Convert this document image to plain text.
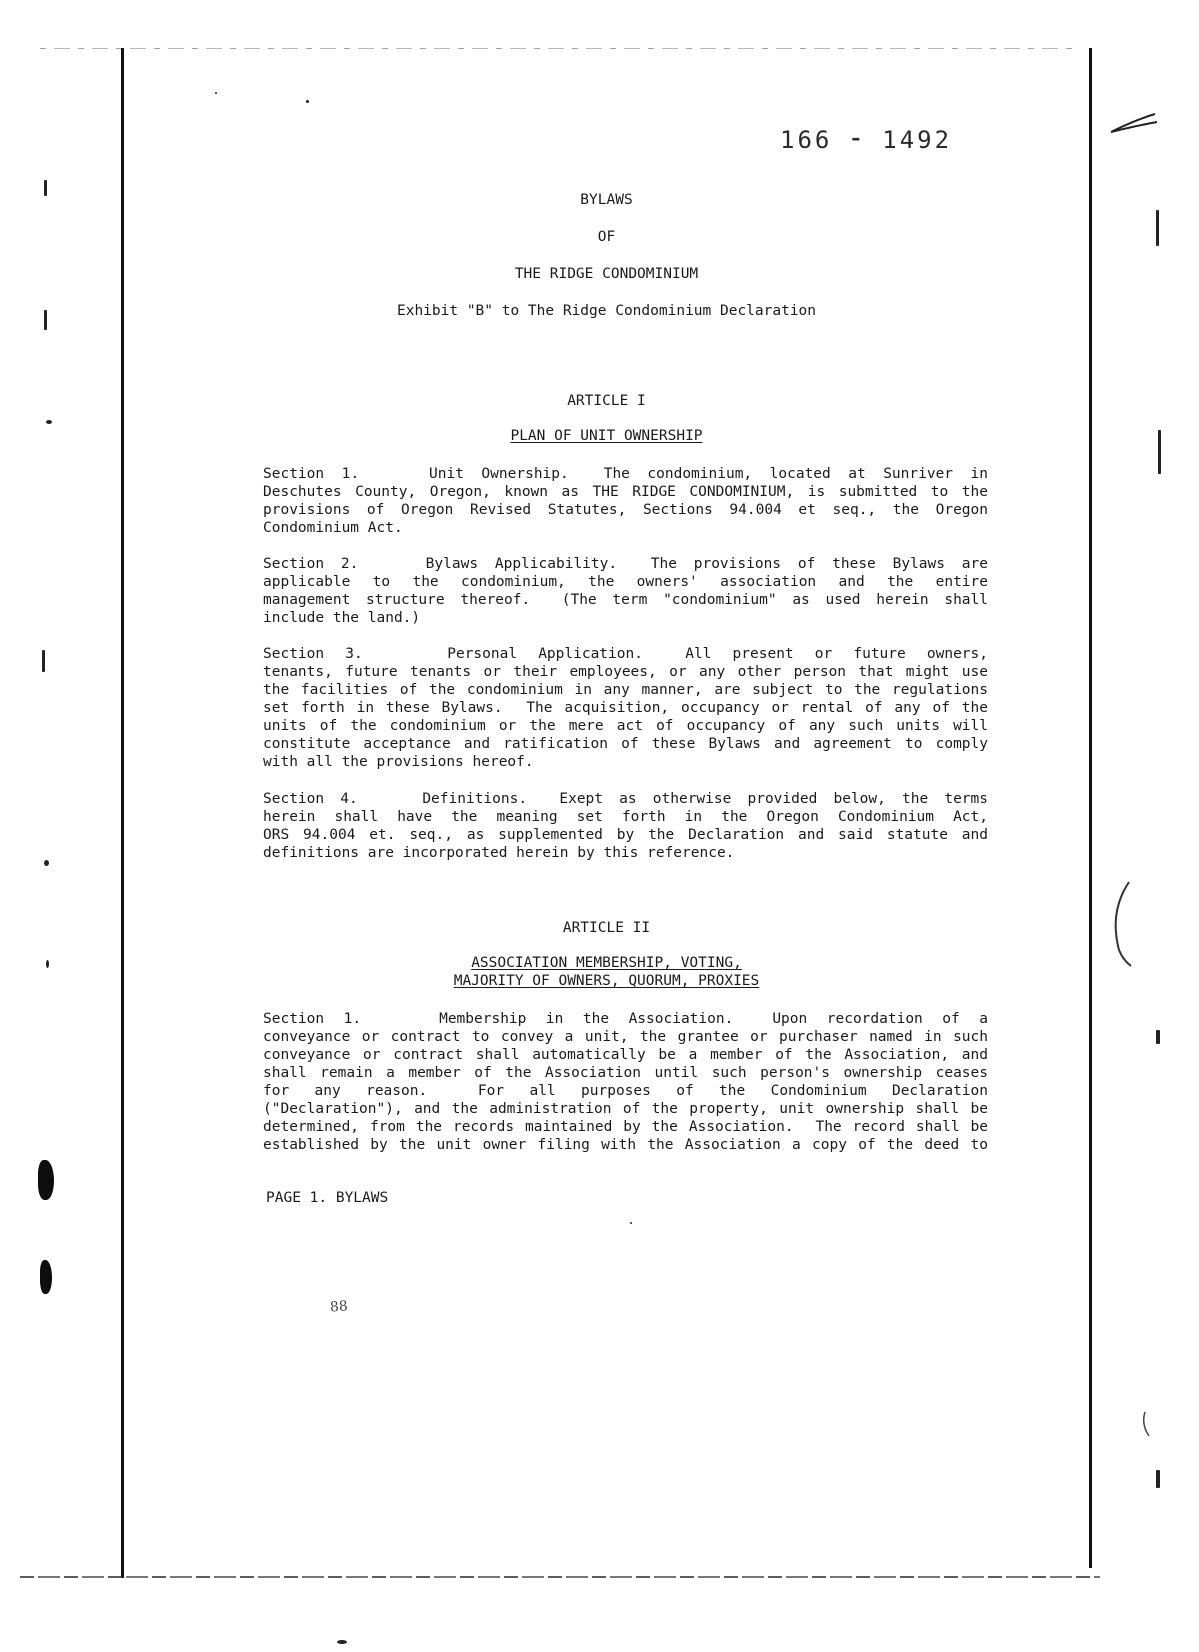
166 ⁃ 1492
BYLAWS
OF
THE RIDGE CONDOMINIUM
Exhibit "B" to The Ridge Condominium Declaration
ARTICLE I
PLAN OF UNIT OWNERSHIP
Section 1.    Unit Ownership.  The condominium, located at Sunriver in
Deschutes County, Oregon, known as THE RIDGE CONDOMINIUM, is submitted to the
provisions of Oregon Revised Statutes, Sections 94.004 et seq., the Oregon
Condominium Act.
Section 2.    Bylaws Applicability.  The provisions of these Bylaws are
applicable to the condominium, the owners' association and the entire
management structure thereof.  (The term "condominium" as used herein shall
include the land.)
Section 3.    Personal Application.  All present or future owners,
tenants, future tenants or their employees, or any other person that might use
the facilities of the condominium in any manner, are subject to the regulations
set forth in these Bylaws.  The acquisition, occupancy or rental of any of the
units of the condominium or the mere act of occupancy of any such units will
constitute acceptance and ratification of these Bylaws and agreement to comply
with all the provisions hereof.
Section 4.    Definitions.  Exept as otherwise provided below, the terms
herein shall have the meaning set forth in the Oregon Condominium Act,
ORS 94.004 et. seq., as supplemented by the Declaration and said statute and
definitions are incorporated herein by this reference.
ARTICLE II
ASSOCIATION MEMBERSHIP, VOTING,
MAJORITY OF OWNERS, QUORUM, PROXIES
Section 1.    Membership in the Association.  Upon recordation of a
conveyance or contract to convey a unit, the grantee or purchaser named in such
conveyance or contract shall automatically be a member of the Association, and
shall remain a member of the Association until such person's ownership ceases
for any reason.  For all purposes of the Condominium Declaration
("Declaration"), and the administration of the property, unit ownership shall be
determined, from the records maintained by the Association.  The record shall be
established by the unit owner filing with the Association a copy of the deed to
PAGE 1. BYLAWS
88
